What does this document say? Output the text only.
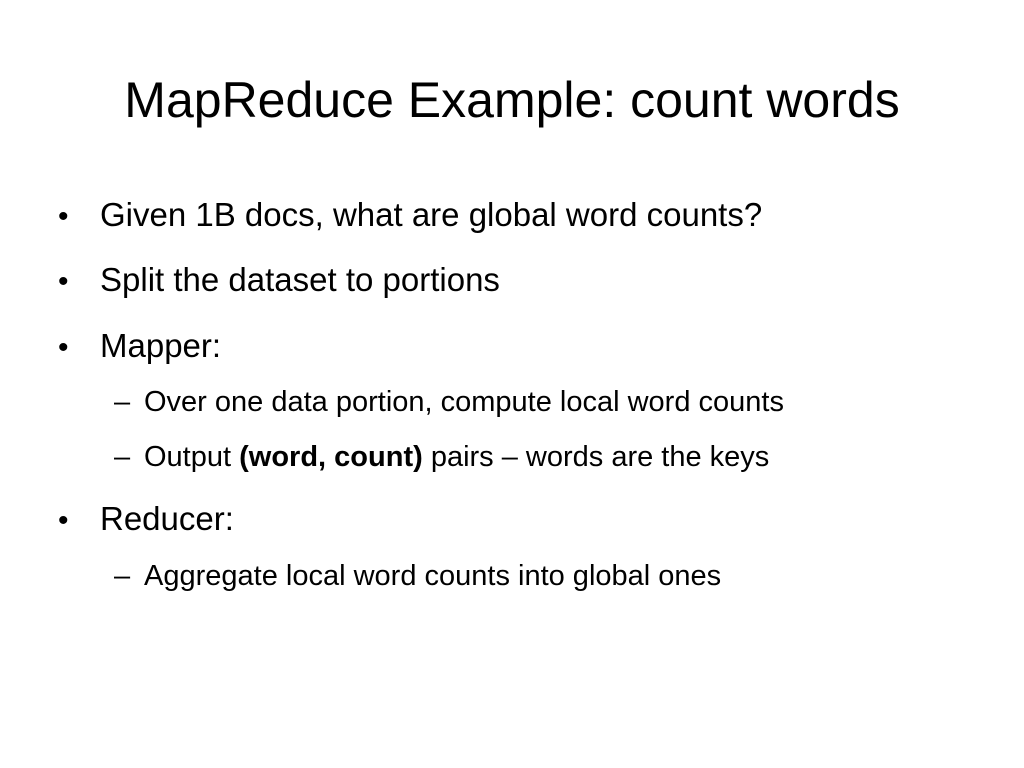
MapReduce Example: count words
• Given 1B docs, what are global word counts?
• Split the dataset to portions
• Mapper:
– Over one data portion, compute local word counts
– Output (word, count) pairs – words are the keys
• Reducer:
– Aggregate local word counts into global ones
